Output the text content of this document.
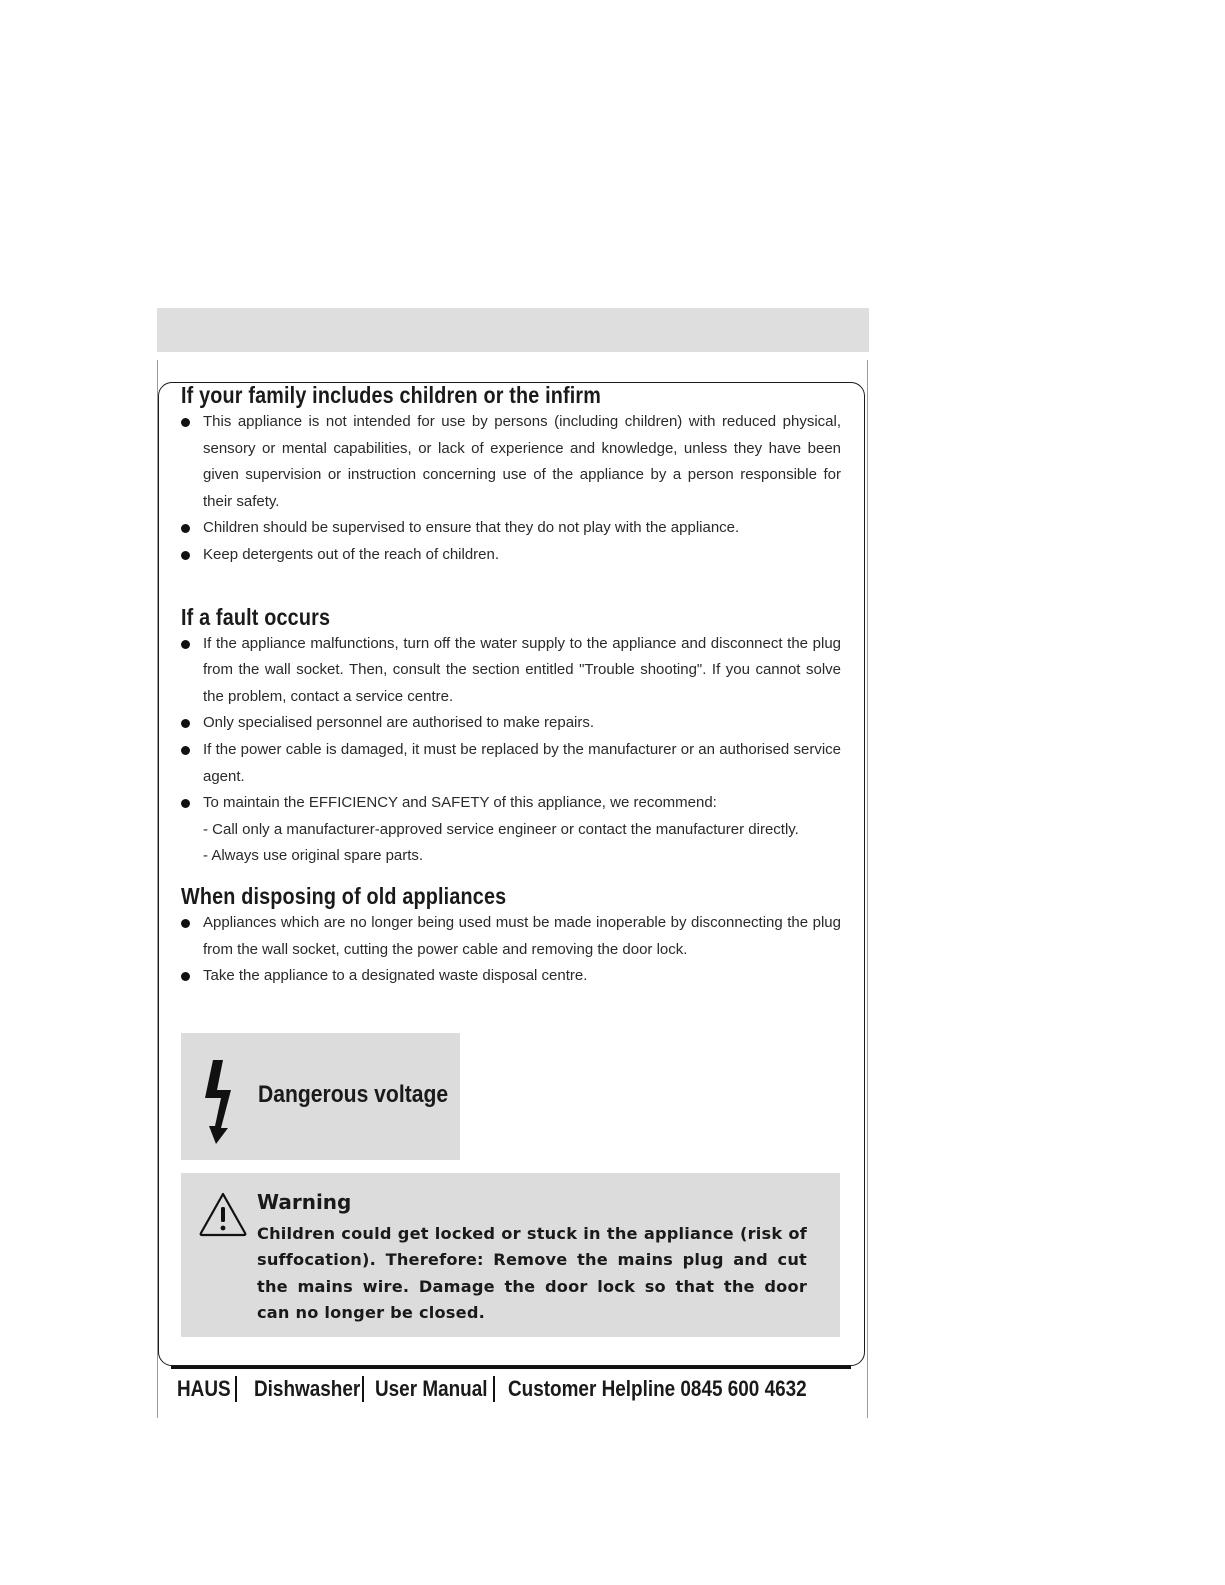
If your family includes children or the infirm
This appliance is not intended for use by persons (including children) with reduced physical, sensory or mental capabilities, or lack of experience and knowledge, unless they have been given supervision or instruction concerning use of the appliance by a person responsible for their safety.
Children should be supervised to ensure that they do not play with the appliance.
Keep detergents out of the reach of children.
If a fault occurs
If the appliance malfunctions, turn off the water supply to the appliance and disconnect the plug from the wall socket. Then, consult the section entitled "Trouble shooting". If you cannot solve the problem, contact a service centre.
Only specialised personnel are authorised to make repairs.
If the power cable is damaged, it must be replaced by the manufacturer or an authorised service agent.
To maintain the EFFICIENCY and SAFETY of this appliance, we recommend:
- Call only a manufacturer-approved service engineer or contact the manufacturer directly.
- Always use original spare parts.
When disposing of old appliances
Appliances which are no longer being used must be made inoperable by disconnecting the plug from the wall socket, cutting the power cable and removing the door lock.
Take the appliance to a designated waste disposal centre.
Dangerous voltage
Warning
Children could get locked or stuck in the appliance (risk of suffocation). Therefore: Remove the mains plug and cut the mains wire. Damage the door lock so that the door can no longer be closed.
HAUS Dishwasher User Manual Customer Helpline 0845 600 4632
